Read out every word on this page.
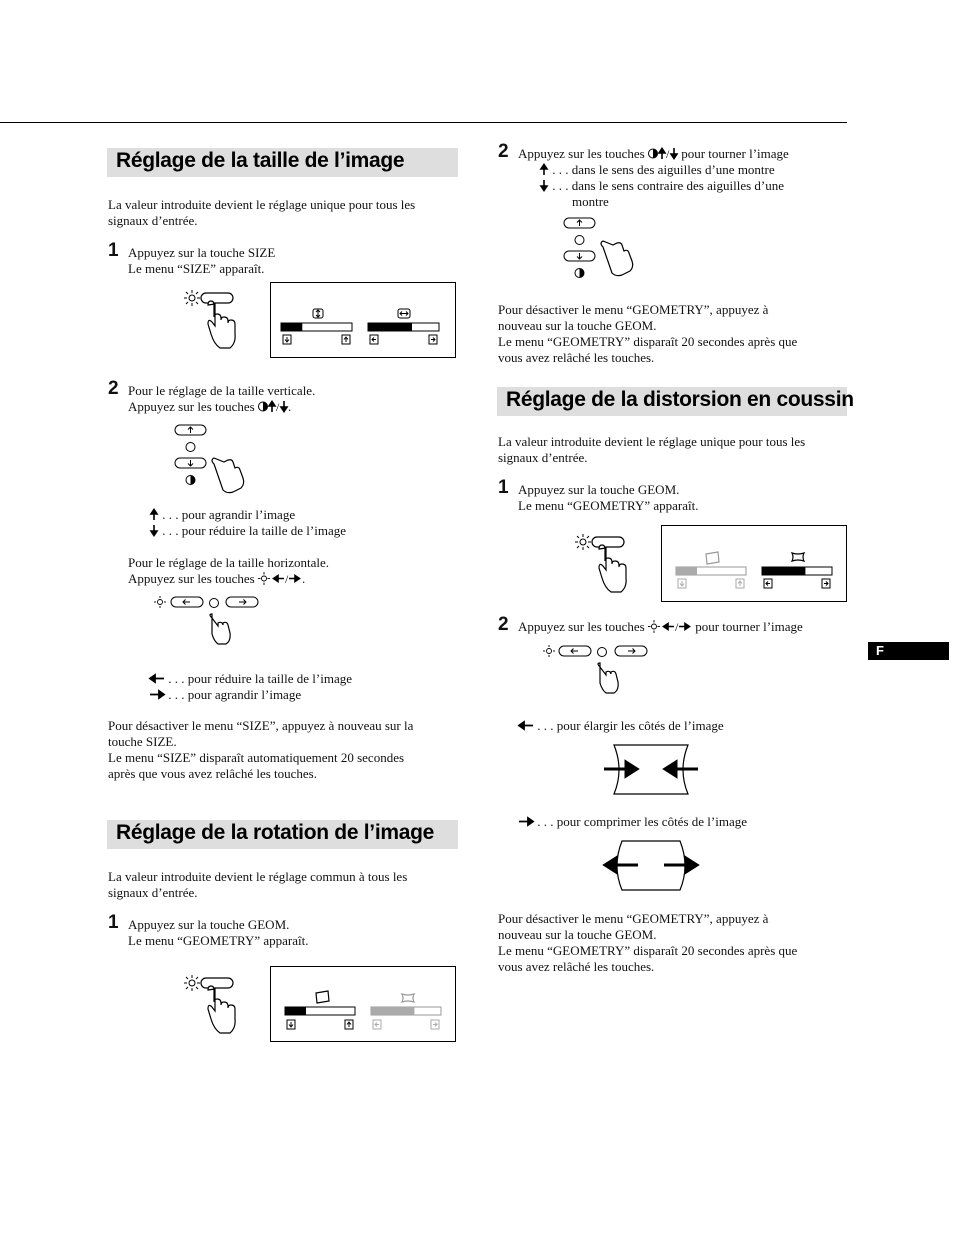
Réglage de la taille de l’image
La valeur introduite devient le réglage unique pour tous les
signaux d’entrée.
1 Appuyez sur la touche SIZE
Le menu “SIZE” apparaît.
2 Pour le réglage de la taille verticale.
Appuyez sur les touches / .
. . . pour agrandir l’image
. . . pour réduire la taille de l’image
Pour le réglage de la taille horizontale.
Appuyez sur les touches	/ .
. . . pour réduire la taille de l’image
. . . pour agrandir l’image
Pour désactiver le menu “SIZE”, appuyez à nouveau sur la
touche SIZE.
Le menu “SIZE” disparaît automatiquement 20 secondes
après que vous avez relâché les touches.
Réglage de la rotation de l’image
La valeur introduite devient le réglage commun à tous les
signaux d’entrée.
1 Appuyez sur la touche GEOM.
Le menu “GEOMETRY” apparaît.
2 Appuyez sur les touches / pour tourner l’image
. . . dans le sens des aiguilles d’une montre
. . . dans le sens contraire des aiguilles d’une
montre
Pour désactiver le menu “GEOMETRY”, appuyez à
nouveau sur la touche GEOM.
Le menu “GEOMETRY” disparaît 20 secondes après que
vous avez relâché les touches.
Réglage de la distorsion en coussin
La valeur introduite devient le réglage unique pour tous les
signaux d’entrée.
1 Appuyez sur la touche GEOM.
Le menu “GEOMETRY” apparaît.
2 Appuyez sur les touches	/ pour tourner l’image
. . . pour élargir les côtés de l’image
. . . pour comprimer les côtés de l’image
Pour désactiver le menu “GEOMETRY”, appuyez à
nouveau sur la touche GEOM.
Le menu “GEOMETRY” disparaît 20 secondes après que
vous avez relâché les touches.
F
